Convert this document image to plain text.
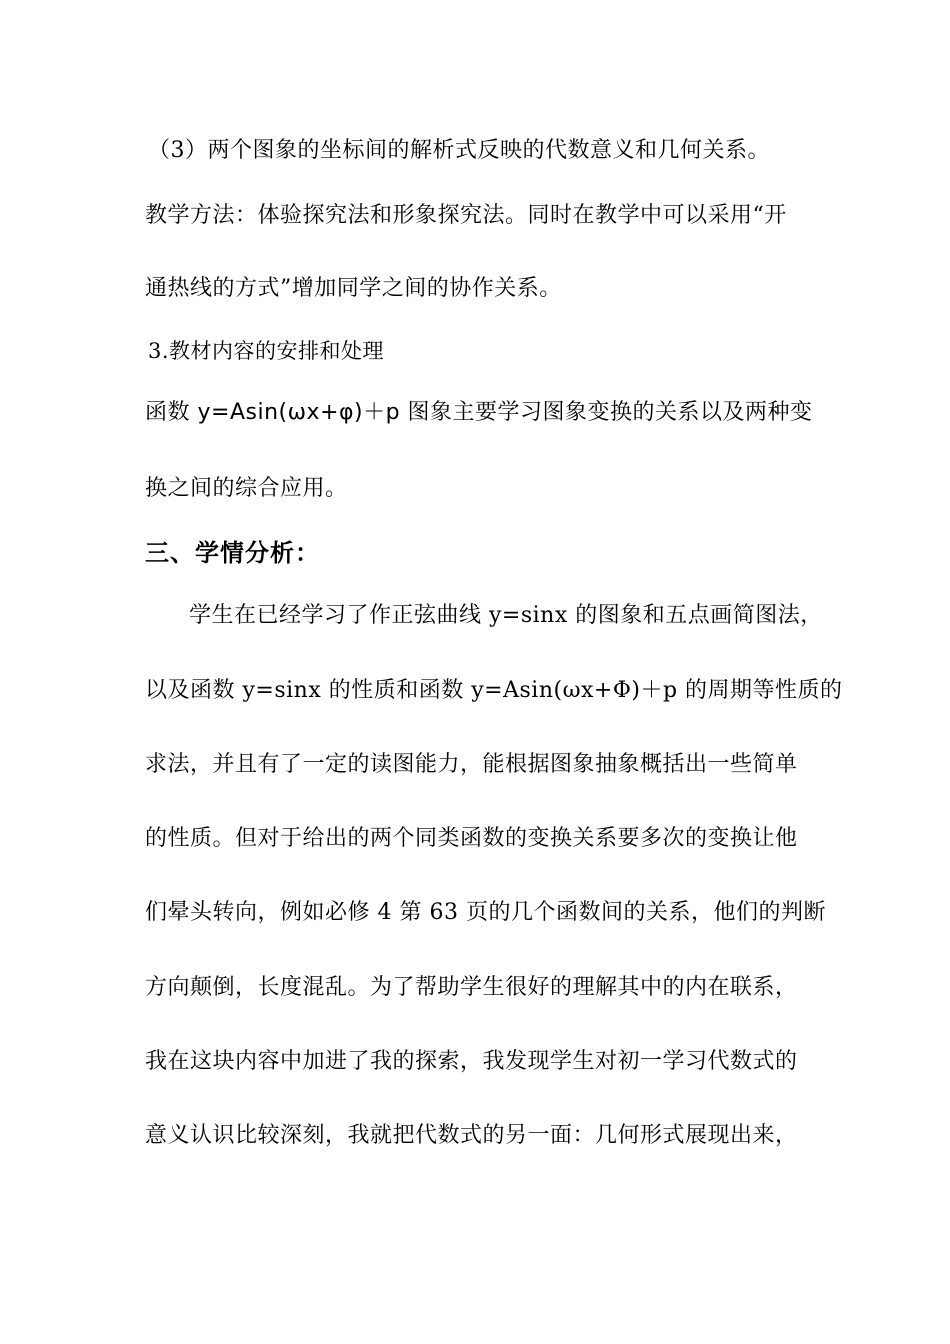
（3）两个图象的坐标间的解析式反映的代数意义和几何关系。
教学方法：体验探究法和形象探究法。同时在教学中可以采用“开
通热线的方式”增加同学之间的协作关系。
3.教材内容的安排和处理
函数 y=Asin(ωx+φ)＋p 图象主要学习图象变换的关系以及两种变
换之间的综合应用。
三、学情分析：
学生在已经学习了作正弦曲线 y=sinx 的图象和五点画简图法，
以及函数 y=sinx 的性质和函数 y=Asin(ωx+Φ)＋p 的周期等性质的
求法，并且有了一定的读图能力，能根据图象抽象概括出一些简单
的性质。但对于给出的两个同类函数的变换关系要多次的变换让他
们晕头转向，例如必修 4 第 63 页的几个函数间的关系，他们的判断
方向颠倒，长度混乱。为了帮助学生很好的理解其中的内在联系，
我在这块内容中加进了我的探索，我发现学生对初一学习代数式的
意义认识比较深刻，我就把代数式的另一面：几何形式展现出来，
